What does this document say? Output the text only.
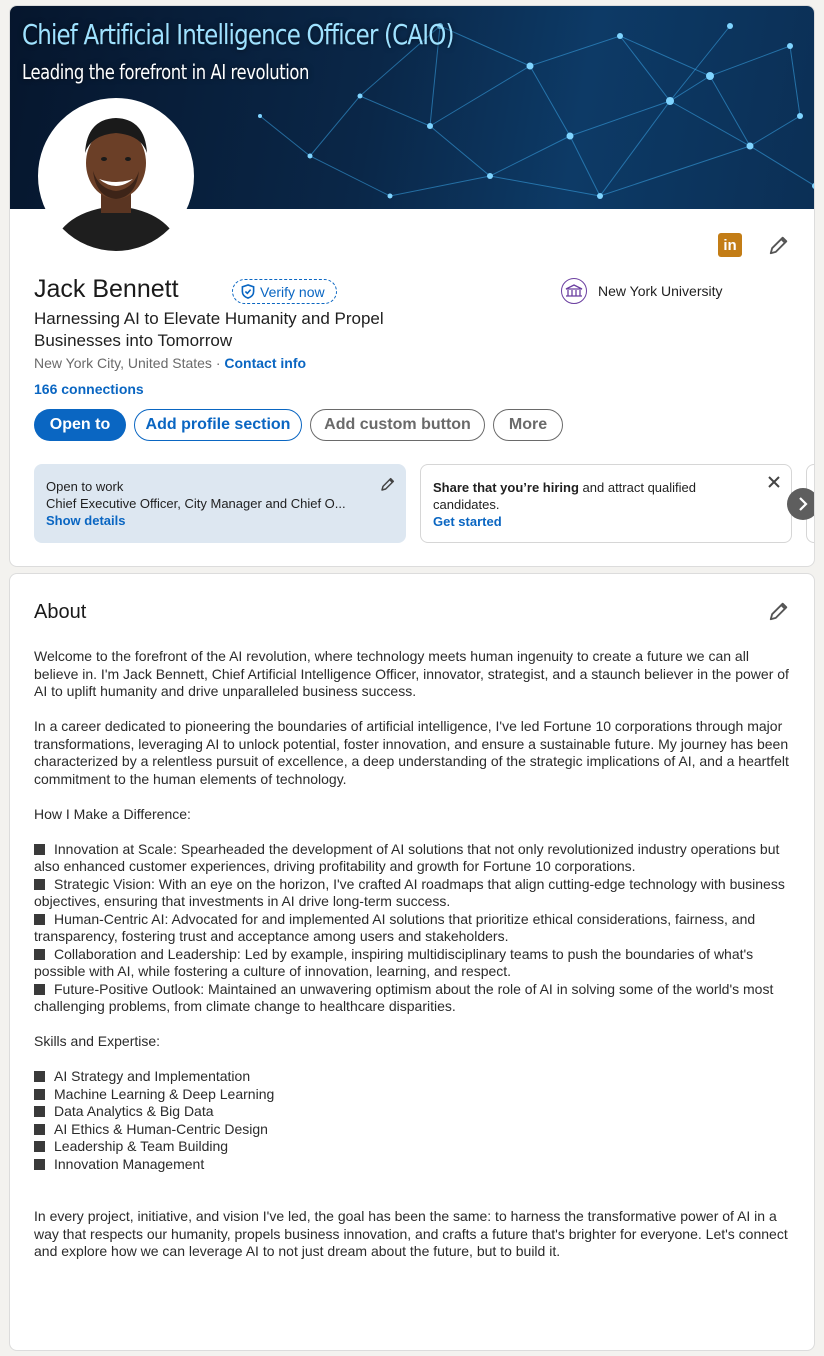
Chief Artificial Intelligence Officer (CAIO)
Leading the forefront in AI revolution
in
Jack Bennett	Verify now	New York University
Harnessing AI to Elevate Humanity and Propel Businesses into Tomorrow
New York City, United States · Contact info
166 connections
Open to	Add profile section	Add custom button	More
Open to work
Chief Executive Officer, City Manager and Chief O...
Show details
Share that you’re hiring and attract qualified candidates.
Get started
About

Welcome to the forefront of the AI revolution, where technology meets human ingenuity to create a future we can all believe in. I'm Jack Bennett, Chief Artificial Intelligence Officer, innovator, strategist, and a staunch believer in the power of AI to uplift humanity and drive unparalleled business success.

In a career dedicated to pioneering the boundaries of artificial intelligence, I've led Fortune 10 corporations through major transformations, leveraging AI to unlock potential, foster innovation, and ensure a sustainable future. My journey has been characterized by a relentless pursuit of excellence, a deep understanding of the strategic implications of AI, and a heartfelt commitment to the human elements of technology.

How I Make a Difference:

Innovation at Scale: Spearheaded the development of AI solutions that not only revolutionized industry operations but also enhanced customer experiences, driving profitability and growth for Fortune 10 corporations.

Strategic Vision: With an eye on the horizon, I've crafted AI roadmaps that align cutting-edge technology with business objectives, ensuring that investments in AI drive long-term success.

Human-Centric AI: Advocated for and implemented AI solutions that prioritize ethical considerations, fairness, and transparency, fostering trust and acceptance among users and stakeholders.

Collaboration and Leadership: Led by example, inspiring multidisciplinary teams to push the boundaries of what's possible with AI, while fostering a culture of innovation, learning, and respect.

Future-Positive Outlook: Maintained an unwavering optimism about the role of AI in solving some of the world's most challenging problems, from climate change to healthcare disparities.

Skills and Expertise:

AI Strategy and Implementation

Machine Learning & Deep Learning

Data Analytics & Big Data

AI Ethics & Human-Centric Design

Leadership & Team Building

Innovation Management

In every project, initiative, and vision I've led, the goal has been the same: to harness the transformative power of AI in a way that respects our humanity, propels business innovation, and crafts a future that's brighter for everyone. Let's connect and explore how we can leverage AI to not just dream about the future, but to build it.
